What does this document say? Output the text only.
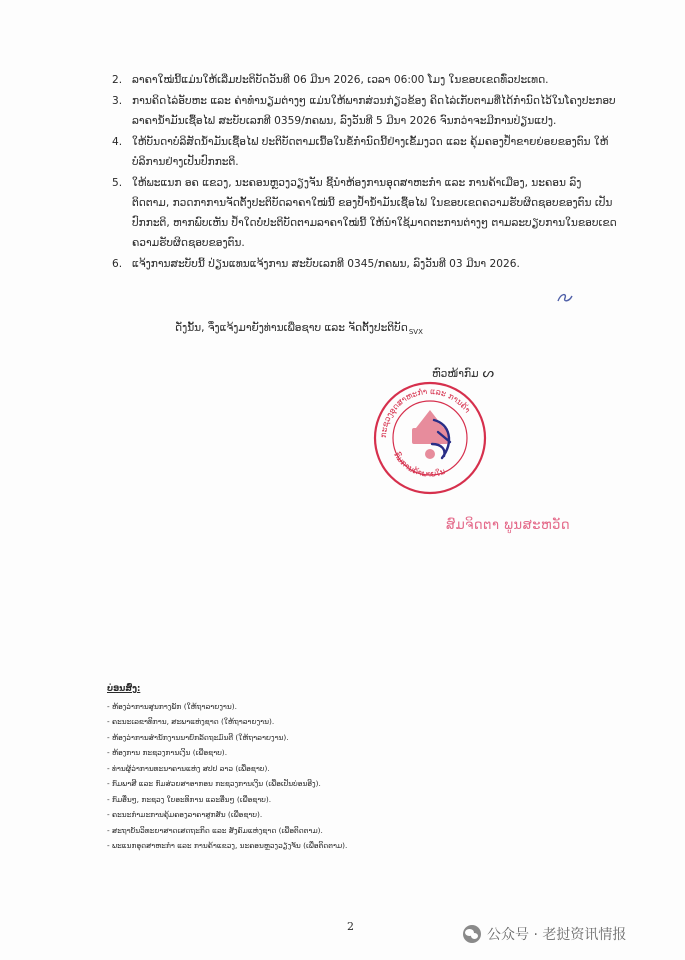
2. ລາຄາໃໝ່ນີ້ແມ່ນໃຫ້ເລີ່ມປະຕິບັດວັນທີ 06 ມີນາ 2026, ເວລາ 06:00 ໂມງ ໃນຂອບເຂດທົ່ວປະເທດ.
3. ການຄິດໄລ່ອັບຫະ ແລະ ຄ່າທຳນຽມຕ່າງໆ ແມ່ນໃຫ້ພາກສ່ວນກ່ຽວຂ້ອງ ຄິດໄລ່ເກັບຕາມທີ່ໄດ້ກຳນົດໄວ້ໃນໂຄງປະກອບລາຄານ້ຳມັນເຊື້ອໄຟ ສະບັບເລກທີ 0359/ກຄພນ, ລົງວັນທີ 5 ມີນາ 2026 ຈົນກວ່າຈະມີການປ່ຽນແປງ.
4. ໃຫ້ບັນດາບໍລິສັດນ້ຳມັນເຊື້ອໄຟ ປະຕິບັດຕາມເນື້ອໃນຂໍ້ກຳນົດນີ້ຢ່າງເຂັ້ມງວດ ແລະ ຄຸ້ມຄອງປ້ຳຂາຍຍ່ອຍຂອງຕົນ ໃຫ້ບໍລິການຢ່າງເປັນປົກກະຕິ.
5. ໃຫ້ພະແນກ ອຄ ແຂວງ, ນະຄອນຫຼວງວຽງຈັນ ຊີ້ນຳຫ້ອງການອຸດສາຫະກຳ ແລະ ການຄ້າເມືອງ, ນະຄອນ ລົງຕິດຕາມ, ກວດກາການຈັດຕັ້ງປະຕິບັດລາຄາໃໝ່ນີ້ ຂອງປ້ຳນ້ຳມັນເຊື້ອໄຟ ໃນຂອບເຂດຄວາມຮັບຜິດຊອບຂອງຕົນ ເປັນປົກກະຕິ, ຫາກພົບເຫັນ ປ້ຳໃດບໍ່ປະຕິບັດຕາມລາຄາໃໝ່ນີ້ ໃຫ້ນຳໃຊ້ມາດຕະການຕ່າງໆ ຕາມລະບຽບການໃນຂອບເຂດຄວາມຮັບຜິດຊອບຂອງຕົນ.
6. ແຈ້ງການສະບັບນີ້ ປ່ຽນແທນແຈ້ງການ ສະບັບເລກທີ 0345/ກຄພນ, ລົງວັນທີ 03 ມີນາ 2026.
ດັ່ງນັ້ນ, ຈຶ່ງແຈ້ງມາຍັງທ່ານເພື່ອຊາບ ແລະ ຈັດຕັ້ງປະຕິບັດ$_{SVX}$
ຫົວໜ້າກົມ ᔕ
ກະຊວງອຸດສາຫະກຳ ແລະ ການຄ້າ
ກົມການຄ້າພາຍໃນ
ສົມຈິດຕາ ພູນສະຫວັດ
ບ່ອນສົ່ງ:
- ຫ້ອງວ່າການສູນກາງພັກ (ໃຫ້ຖາລາຍງານ).
- ຄະນະເລຂາທິການ, ສະພາແຫ່ງຊາດ (ໃຫ້ຖາລາຍງານ).
- ຫ້ອງວ່າການສຳນັກງານນາຍົກລັດຖະມົນຕີ (ໃຫ້ຖາລາຍງານ).
- ຫ້ອງການ ກະຊວງການເງິນ (ເພື່ອຊາບ).
- ທ່ານຜູ້ວ່າການທະນາຄານແຫ່ງ ສປປ ລາວ (ເພື່ອຊາບ).
- ກົມພາສີ ແລະ ກົມສ່ວຍສາອາກອນ ກະຊວງການເງິນ (ເພື່ອເປັນບ່ອນອີງ).
- ກົມອື່ນໆ, ກະຊວງ ໃບອະທິການ ແລະອື່ນໆ (ເພື່ອຊາບ).
- ຄະນະກຳມະການຄຸ້ມຄອງລາຄາສູກສັນ (ເພື່ອຊາບ).
- ສະຖາບັນວິທະຍາສາດເສດຖະກິດ ແລະ ສັງຄົມແຫ່ງຊາດ (ເພື່ອຕິດຕາມ).
- ພະແນກອຸດສາຫະກຳ ແລະ ການຄ້າແຂວງ, ນະຄອນຫຼວງວຽງຈັນ (ເພື່ອຕິດຕາມ).
2
公众号 · 老挝资讯情报
